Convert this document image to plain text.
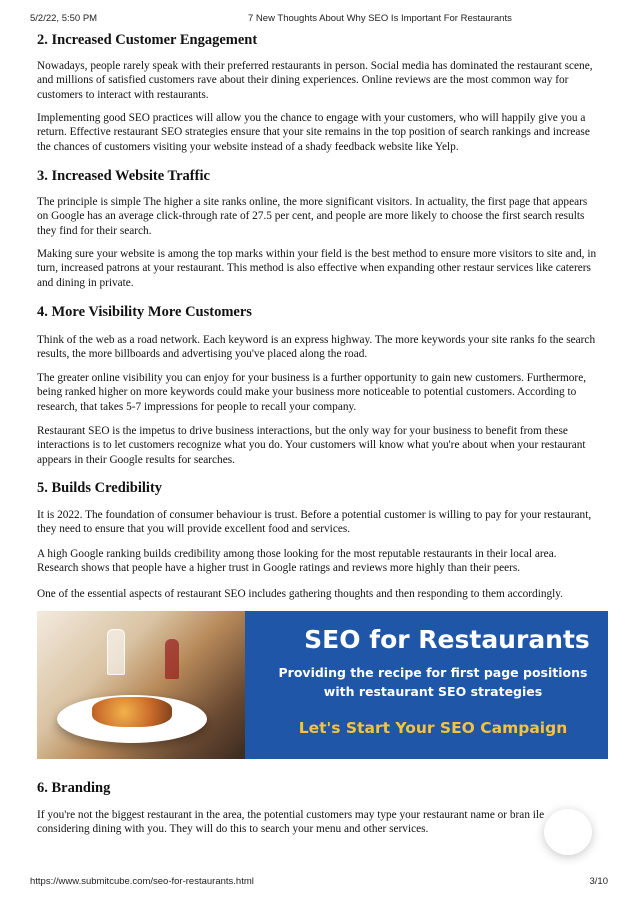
5/2/22, 5:50 PM	7 New Thoughts About Why SEO Is Important For Restaurants
2. Increased Customer Engagement

Nowadays, people rarely speak with their preferred restaurants in person. Social media has dominated the restaurant scene, and millions of satisfied customers rave about their dining experiences. Online reviews are the most common way for customers to interact with restaurants.

Implementing good SEO practices will allow you the chance to engage with your customers, who will happily give you a return. Effective restaurant SEO strategies ensure that your site remains in the top position of search rankings and increase the chances of customers visiting your website instead of a shady feedback website like Yelp.

3. Increased Website Traffic

The principle is simple The higher a site ranks online, the more significant visitors. In actuality, the first page that appears on Google has an average click-through rate of 27.5 per cent, and people are more likely to choose the first search results they find for their search.

Making sure your website is among the top marks within your field is the best method to ensure more visitors to site and, in turn, increased patrons at your restaurant. This method is also effective when expanding other restaur services like caterers and dining in private.

4. More Visibility More Customers

Think of the web as a road network. Each keyword is an express highway. The more keywords your site ranks fo the search results, the more billboards and advertising you've placed along the road.

The greater online visibility you can enjoy for your business is a further opportunity to gain new customers. Furthermore, being ranked higher on more keywords could make your business more noticeable to potential customers. According to research, that takes 5-7 impressions for people to recall your company.

Restaurant SEO is the impetus to drive business interactions, but the only way for your business to benefit from these interactions is to let customers recognize what you do. Your customers will know what you're about when your restaurant appears in their Google results for searches.

5. Builds Credibility

It is 2022. The foundation of consumer behaviour is trust. Before a potential customer is willing to pay for your restaurant, they need to ensure that you will provide excellent food and services.

A high Google ranking builds credibility among those looking for the most reputable restaurants in their local area. Research shows that people have a higher trust in Google ratings and reviews more highly than their peers.

One of the essential aspects of restaurant SEO includes gathering thoughts and then responding to them accordingly.

SEO for Restaurants
Providing the recipe for first page positions
with restaurant SEO strategies
Let's Start Your SEO Campaign
6. Branding

If you're not the biggest restaurant in the area, the potential customers may type your restaurant name or bran ile considering dining with you. They will do this to search your menu and other services.

https://www.submitcube.com/seo-for-restaurants.html	3/10
